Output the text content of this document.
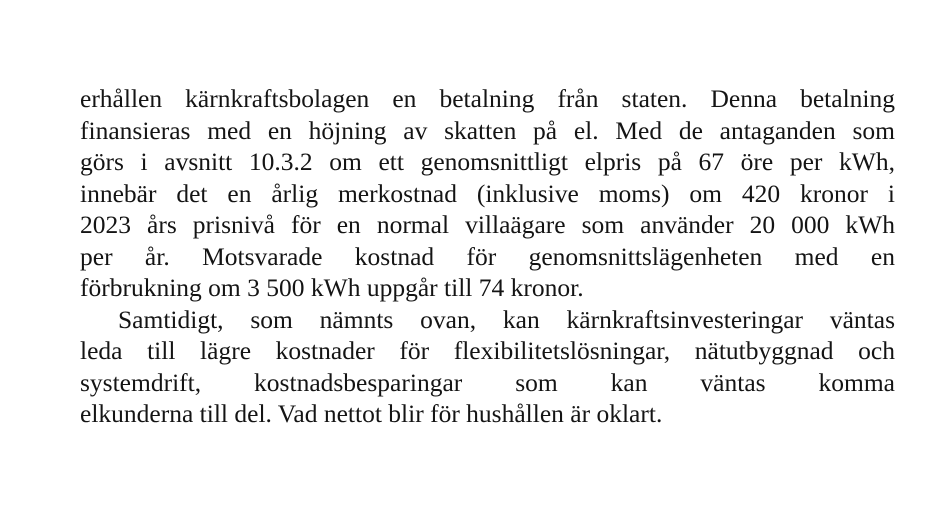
erhållen kärnkraftsbolagen en betalning från staten. Denna betalning
finansieras med en höjning av skatten på el. Med de antaganden som
görs i avsnitt 10.3.2 om ett genomsnittligt elpris på 67 öre per kWh,
innebär det en årlig merkostnad (inklusive moms) om 420 kronor i
2023 års prisnivå för en normal villaägare som använder 20 000 kWh
per år. Motsvarade kostnad för genomsnittslägenheten med en
förbrukning om 3 500 kWh uppgår till 74 kronor.

Samtidigt, som nämnts ovan, kan kärnkraftsinvesteringar väntas
leda till lägre kostnader för flexibilitetslösningar, nätutbyggnad och
systemdrift, kostnadsbesparingar som kan väntas komma
elkunderna till del. Vad nettot blir för hushållen är oklart.
